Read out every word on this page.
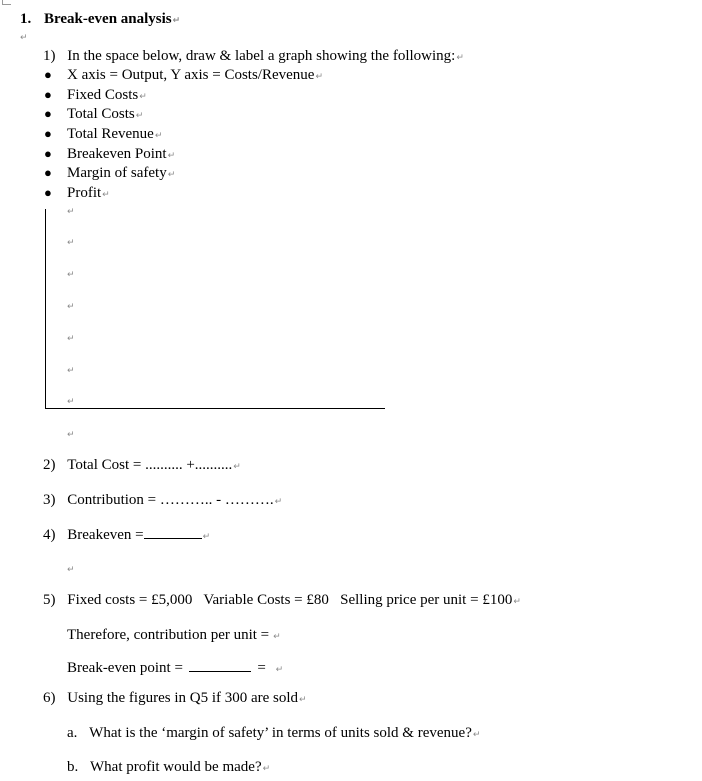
1. Break-even analysis↵
↵
1) In the space below, draw & label a graph showing the following:↵
● X axis = Output, Y axis = Costs/Revenue↵
● Fixed Costs↵
● Total Costs↵
● Total Revenue↵
● Breakeven Point↵
● Margin of safety↵
● Profit↵
↵
↵
↵
↵
↵
↵
↵
↵
2) Total Cost = .......... +..........↵
3) Contribution = ……….. - ……….↵
4) Breakeven =	↵
↵
5) Fixed costs = £5,000   Variable Costs = £80   Selling price per unit = £100↵
Therefore, contribution per unit = ↵
Break-even point =	= ↵
6) Using the figures in Q5 if 300 are sold↵
a. What is the ‘margin of safety’ in terms of units sold & revenue?↵
b. What profit would be made?↵
